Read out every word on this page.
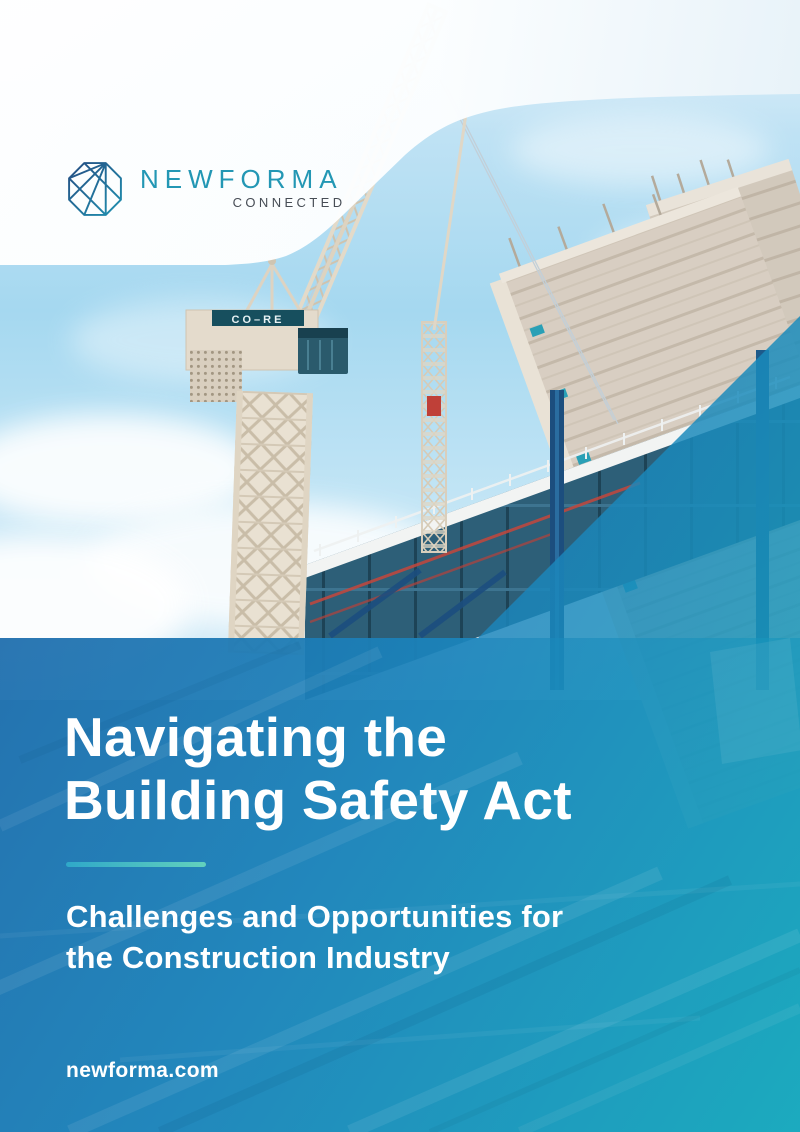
CO–RE
NEWFORMA
CONNECTED
Navigating the
Building Safety Act

Challenges and Opportunities for
the Construction Industry

newforma.com
